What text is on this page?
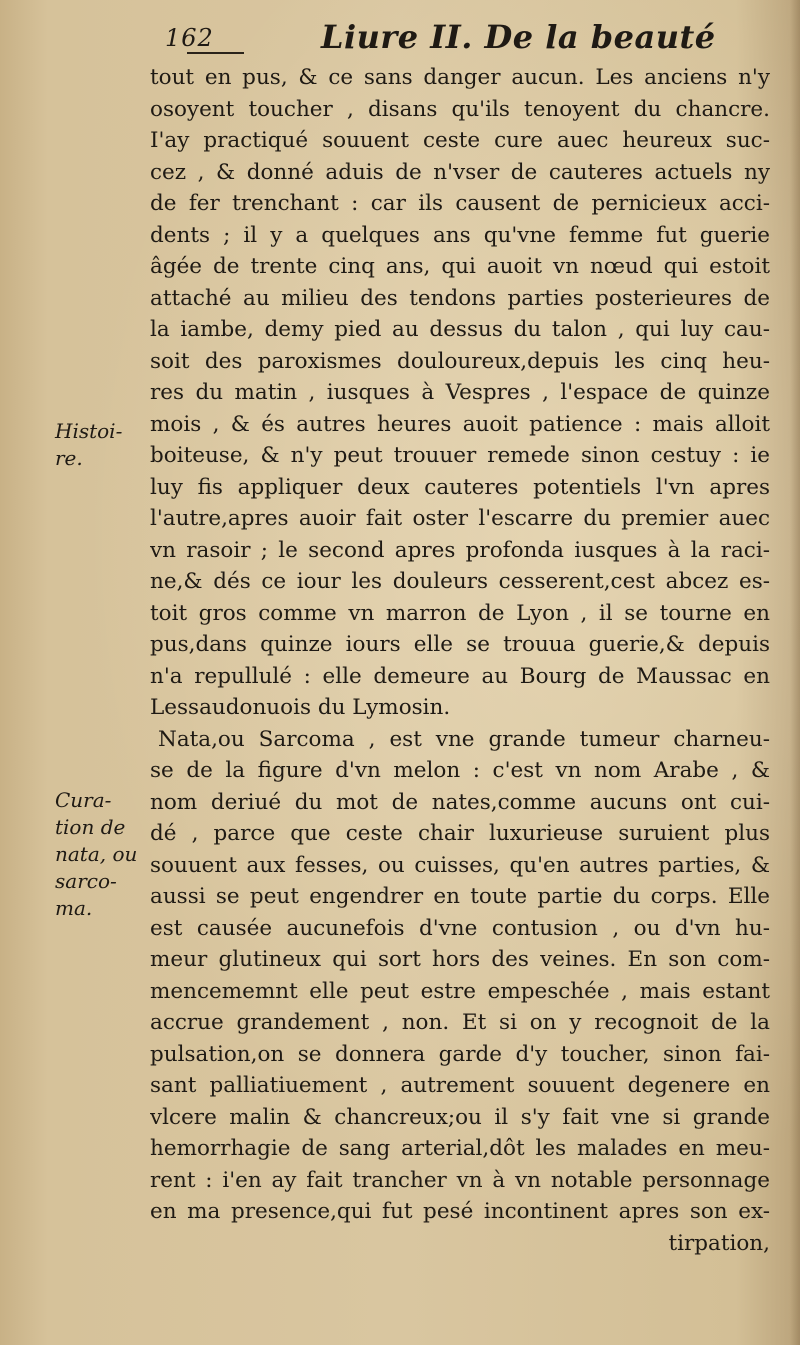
162	Liure II. De la beauté
Histoi-
re.
Cura-
tion de
nata, ou
sarco-
ma.
tout en pus, & ce sans danger aucun. Les anciens n'y
osoyent toucher , disans qu'ils tenoyent du chancre.
I'ay practiqué souuent ceste cure auec heureux suc-
cez , & donné aduis de n'vser de cauteres actuels ny
de fer trenchant : car ils causent de pernicieux acci-
dents ; il y a quelques ans qu'vne femme fut guerie
âgée de trente cinq ans, qui auoit vn nœud qui estoit
attaché au milieu des tendons parties posterieures de
la iambe, demy pied au dessus du talon , qui luy cau-
soit des paroxismes douloureux,depuis les cinq heu-
res du matin , iusques à Vespres , l'espace de quinze
mois , & és autres heures auoit patience : mais alloit
boiteuse, & n'y peut trouuer remede sinon cestuy : ie
luy fis appliquer deux cauteres potentiels l'vn apres
l'autre,apres auoir fait oster l'escarre du premier auec
vn rasoir ; le second apres profonda iusques à la raci-
ne,& dés ce iour les douleurs cesserent,cest abcez es-
toit gros comme vn marron de Lyon , il se tourne en
pus,dans quinze iours elle se trouua guerie,& depuis
n'a repullulé : elle demeure au Bourg de Maussac en
Lessaudonuois du Lymosin.
Nata,ou Sarcoma , est vne grande tumeur charneu-
se de la figure d'vn melon : c'est vn nom Arabe , &
nom deriué du mot de nates,comme aucuns ont cui-
dé , parce que ceste chair luxurieuse suruient plus
souuent aux fesses, ou cuisses, qu'en autres parties, &
aussi se peut engendrer en toute partie du corps. Elle
est causée aucunefois d'vne contusion , ou d'vn hu-
meur glutineux qui sort hors des veines. En son com-
mencememnt elle peut estre empeschée , mais estant
accrue grandement , non. Et si on y recognoit de la
pulsation,on se donnera garde d'y toucher, sinon fai-
sant palliatiuement , autrement souuent degenere en
vlcere malin & chancreux;ou il s'y fait vne si grande
hemorrhagie de sang arterial,dôt les malades en meu-
rent : i'en ay fait trancher vn à vn notable personnage
en ma presence,qui fut pesé incontinent apres son ex-
tirpation,
